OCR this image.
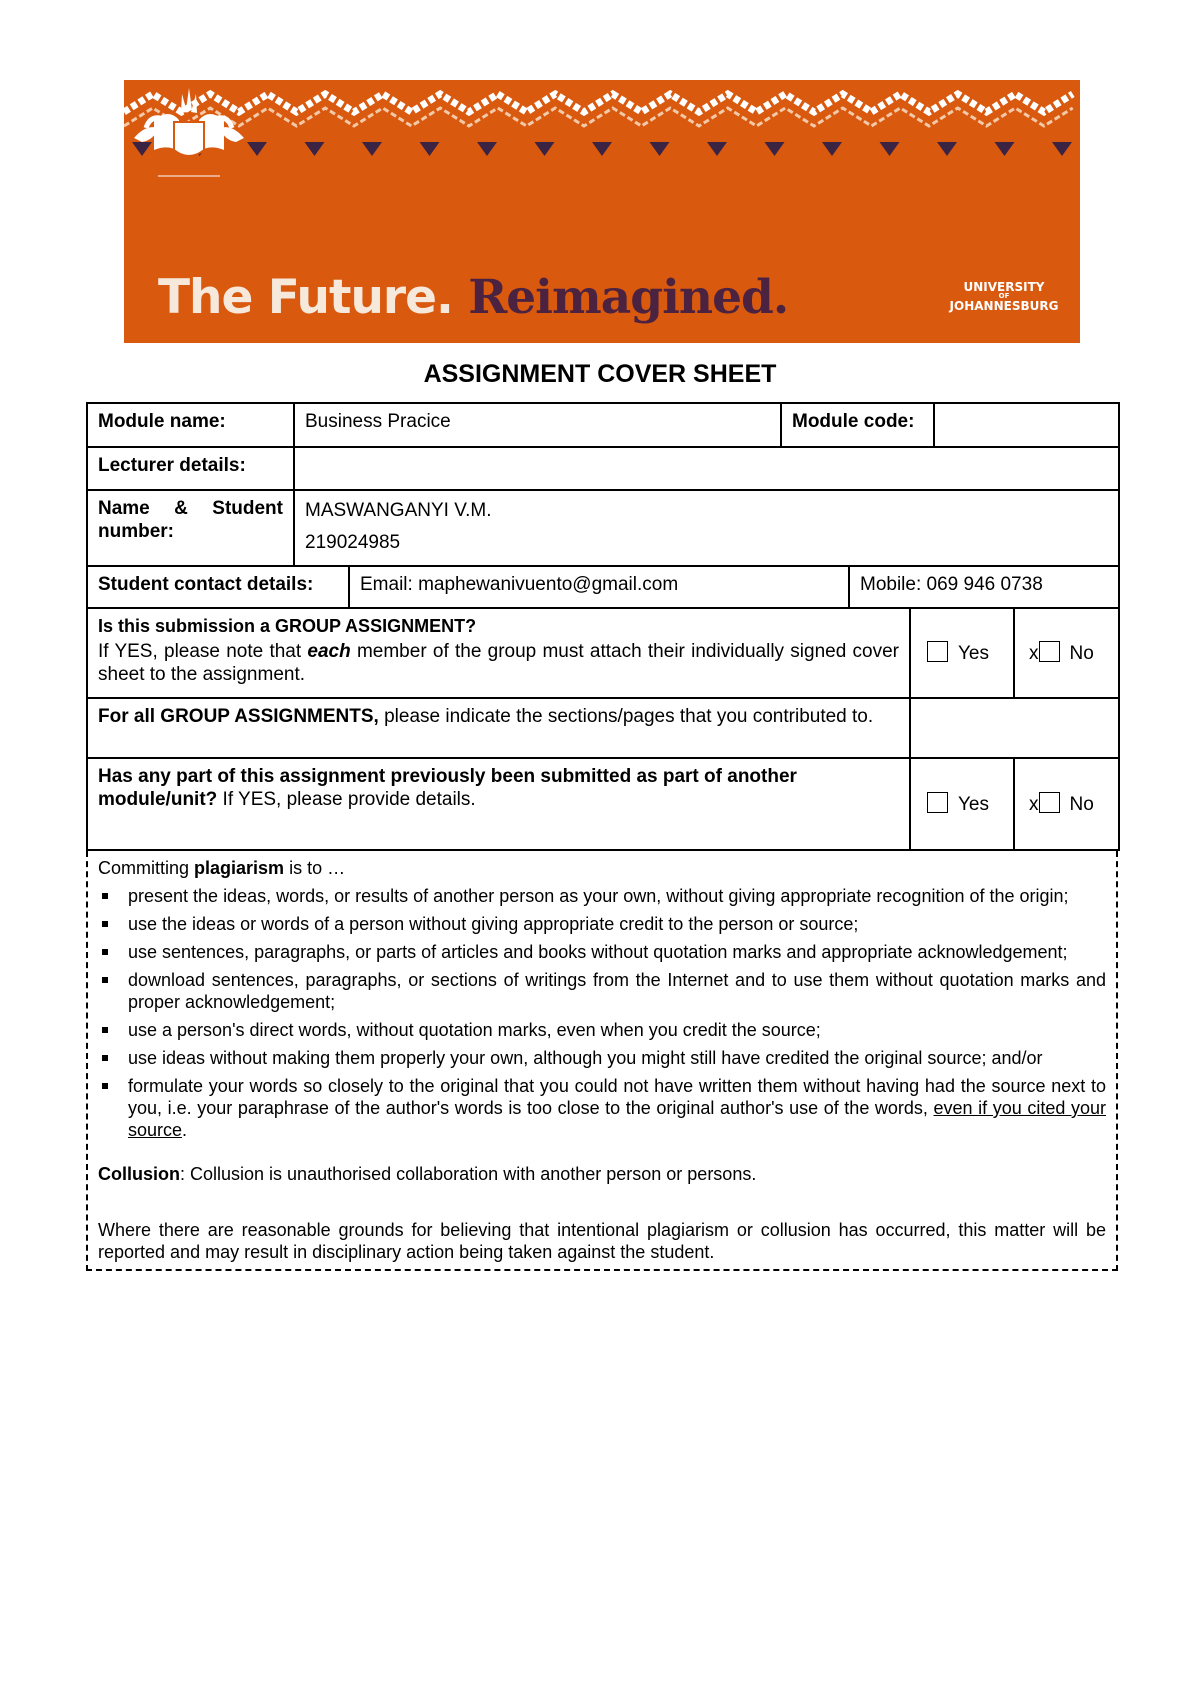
The Future. Reimagined.	UNIVERSITY
OF
JOHANNESBURG
ASSIGNMENT COVER SHEET
Module name:	Business Pracice	Module code:	
Lecturer details:			
Name & Student number:	MASWANGANYI V.M.
219024985		
Student contact details:	Email: maphewanivuento@gmail.com	Mobile: 069 946 0738
Is this submission a GROUP ASSIGNMENT?
If YES, please note that each member of the group must attach their individually signed cover sheet to the assignment.	Yes	x No
For all GROUP ASSIGNMENTS, please indicate the sections/pages that you contributed to.		
Has any part of this assignment previously been submitted as part of another module/unit? If YES, please provide details.	Yes	x No

Committing plagiarism is to …

present the ideas, words, or results of another person as your own, without giving appropriate recognition of the origin;
use the ideas or words of a person without giving appropriate credit to the person or source;
use sentences, paragraphs, or parts of articles and books without quotation marks and appropriate acknowledgement;
download sentences, paragraphs, or sections of writings from the Internet and to use them without quotation marks and proper acknowledgement;
use a person's direct words, without quotation marks, even when you credit the source;
use ideas without making them properly your own, although you might still have credited the original source; and/or
formulate your words so closely to the original that you could not have written them without having had the source next to you, i.e. your paraphrase of the author's words is too close to the original author's use of the words, even if you cited your source.

Collusion: Collusion is unauthorised collaboration with another person or persons.

Where there are reasonable grounds for believing that intentional plagiarism or collusion has occurred, this matter will be reported and may result in disciplinary action being taken against the student.
